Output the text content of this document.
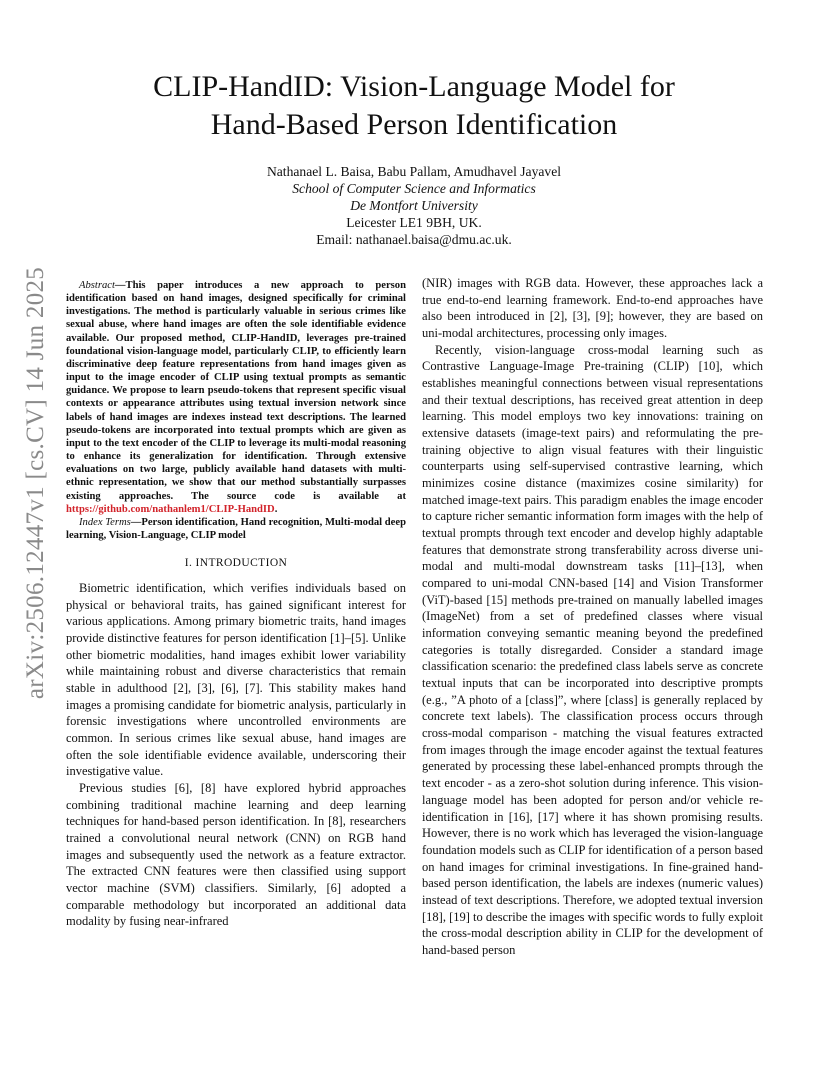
arXiv:2506.12447v1 [cs.CV] 14 Jun 2025
CLIP-HandID: Vision-Language Model for
Hand-Based Person Identification
Nathanael L. Baisa, Babu Pallam, Amudhavel Jayavel
School of Computer Science and Informatics
De Montfort University
Leicester LE1 9BH, UK.
Email: nathanael.baisa@dmu.ac.uk.

Abstract—This paper introduces a new approach to person identification based on hand images, designed specifically for criminal investigations. The method is particularly valuable in serious crimes like sexual abuse, where hand images are often the sole identifiable evidence available. Our proposed method, CLIP-HandID, leverages pre-trained foundational vision-language model, particularly CLIP, to efficiently learn discriminative deep feature representations from hand images given as input to the image encoder of CLIP using textual prompts as semantic guidance. We propose to learn pseudo-tokens that represent specific visual contexts or appearance attributes using textual inversion network since labels of hand images are indexes instead text descriptions. The learned pseudo-tokens are incorporated into textual prompts which are given as input to the text encoder of the CLIP to leverage its multi-modal reasoning to enhance its generalization for identification. Through extensive evaluations on two large, publicly available hand datasets with multi-ethnic representation, we show that our method substantially surpasses existing approaches. The source code is available at https://github.com/nathanlem1/CLIP-HandID.

Index Terms—Person identification, Hand recognition, Multi-modal deep learning, Vision-Language, CLIP model

I. INTRODUCTION

Biometric identification, which verifies individuals based on physical or behavioral traits, has gained significant interest for various applications. Among primary biometric traits, hand images provide distinctive features for person identification [1]–[5]. Unlike other biometric modalities, hand images exhibit lower variability while maintaining robust and diverse characteristics that remain stable in adulthood [2], [3], [6], [7]. This stability makes hand images a promising candidate for biometric analysis, particularly in forensic investigations where uncontrolled environments are common. In serious crimes like sexual abuse, hand images are often the sole identifiable evidence available, underscoring their investigative value.

Previous studies [6], [8] have explored hybrid approaches combining traditional machine learning and deep learning techniques for hand-based person identification. In [8], researchers trained a convolutional neural network (CNN) on RGB hand images and subsequently used the network as a feature extractor. The extracted CNN features were then classified using support vector machine (SVM) classifiers. Similarly, [6] adopted a comparable methodology but incorporated an additional data modality by fusing near-infrared

(NIR) images with RGB data. However, these approaches lack a true end-to-end learning framework. End-to-end approaches have also been introduced in [2], [3], [9]; however, they are based on uni-modal architectures, processing only images.

Recently, vision-language cross-modal learning such as Contrastive Language-Image Pre-training (CLIP) [10], which establishes meaningful connections between visual representations and their textual descriptions, has received great attention in deep learning. This model employs two key innovations: training on extensive datasets (image-text pairs) and reformulating the pre-training objective to align visual features with their linguistic counterparts using self-supervised contrastive learning, which minimizes cosine distance (maximizes cosine similarity) for matched image-text pairs. This paradigm enables the image encoder to capture richer semantic information form images with the help of textual prompts through text encoder and develop highly adaptable features that demonstrate strong transferability across diverse uni-modal and multi-modal downstream tasks [11]–[13], when compared to uni-modal CNN-based [14] and Vision Transformer (ViT)-based [15] methods pre-trained on manually labelled images (ImageNet) from a set of predefined classes where visual information conveying semantic meaning beyond the predefined categories is totally disregarded. Consider a standard image classification scenario: the predefined class labels serve as concrete textual inputs that can be incorporated into descriptive prompts (e.g., ”A photo of a [class]”, where [class] is generally replaced by concrete text labels). The classification process occurs through cross-modal comparison - matching the visual features extracted from images through the image encoder against the textual features generated by processing these label-enhanced prompts through the text encoder - as a zero-shot solution during inference. This vision-language model has been adopted for person and/or vehicle re-identification in [16], [17] where it has shown promising results. However, there is no work which has leveraged the vision-language foundation models such as CLIP for identification of a person based on hand images for criminal investigations. In fine-grained hand-based person identification, the labels are indexes (numeric values) instead of text descriptions. Therefore, we adopted textual inversion [18], [19] to describe the images with specific words to fully exploit the cross-modal description ability in CLIP for the development of hand-based person
